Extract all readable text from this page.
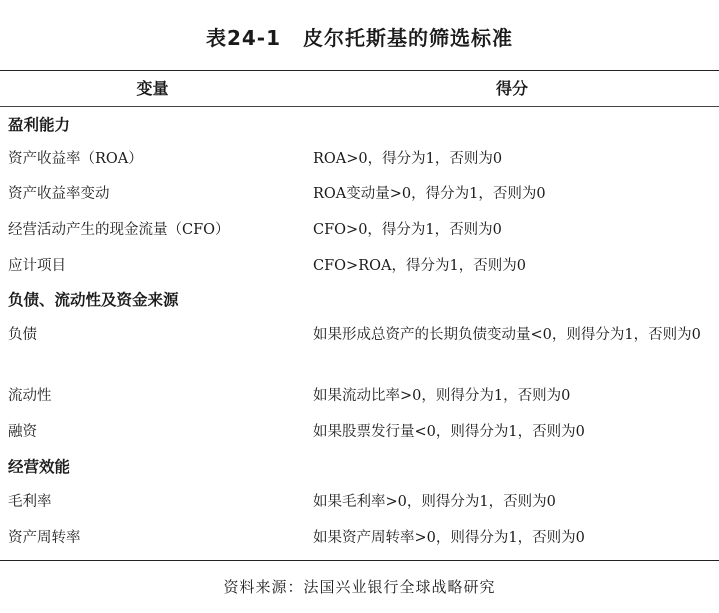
表24-1 皮尔托斯基的筛选标准
变量	得分
盈利能力
资产收益率（ROA）	ROA>0，得分为1，否则为0
资产收益率变动	ROA变动量>0，得分为1，否则为0
经营活动产生的现金流量（CFO）	CFO>0，得分为1，否则为0
应计项目	CFO>ROA，得分为1，否则为0
负债、流动性及资金来源
负债	如果形成总资产的长期负债变动量<0，则得分为1，否则为0
流动性	如果流动比率>0，则得分为1，否则为0
融资	如果股票发行量<0，则得分为1，否则为0
经营效能
毛利率	如果毛利率>0，则得分为1，否则为0
资产周转率	如果资产周转率>0，则得分为1，否则为0
资料来源：法国兴业银行全球战略研究
